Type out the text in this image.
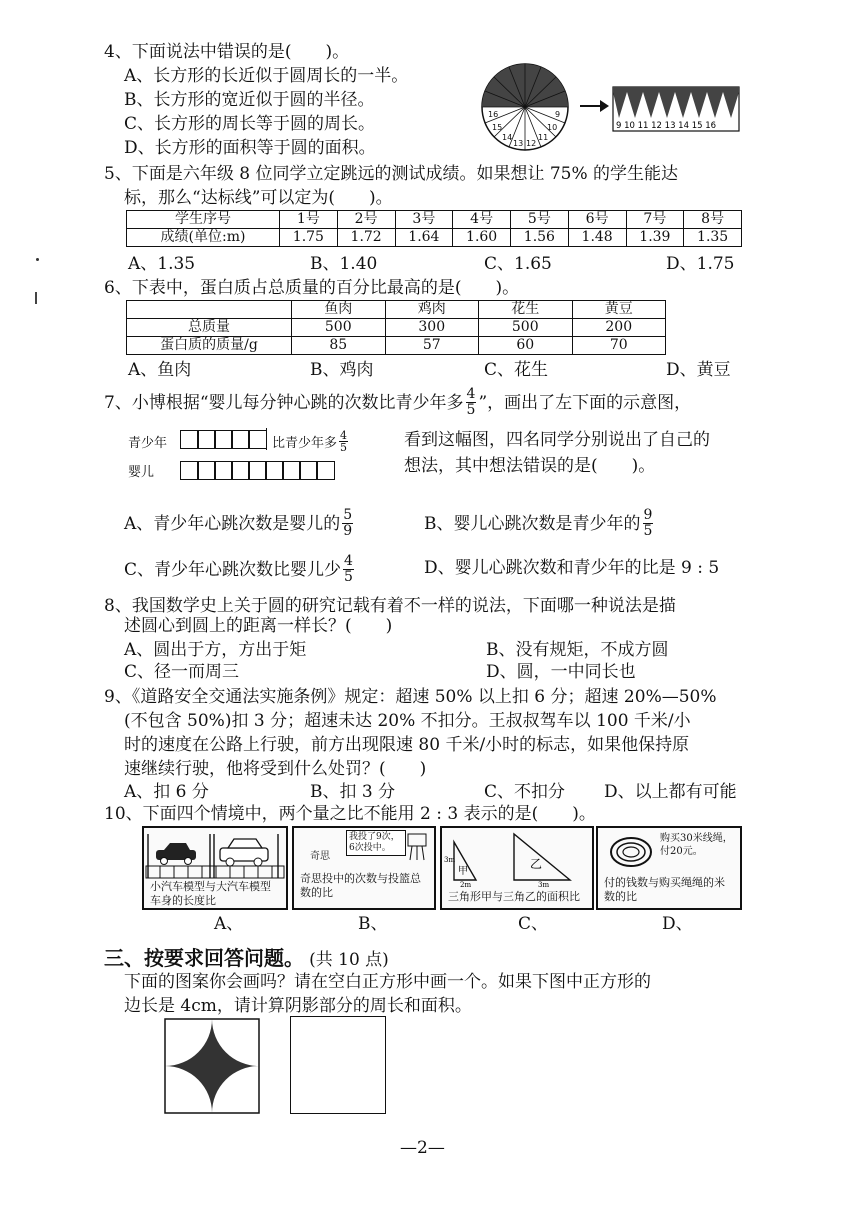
4、下面说法中错误的是(　　)。
A、长方形的长近似于圆周长的一半。
B、长方形的宽近似于圆的半径。
C、长方形的周长等于圆的周长。
D、长方形的面积等于圆的面积。
16
15
14
13 12
11
10
9
9 10 11 12 13 14 15 16
5、下面是六年级 8 位同学立定跳远的测试成绩。如果想让 75% 的学生能达
标，那么“达标线”可以定为(　　)。
学生序号	1号	2号	3号	4号	5号	6号	7号	8号
成绩(单位:m)	1.75	1.72	1.64	1.60	1.56	1.48	1.39	1.35
A、1.35	B、1.40	C、1.65	D、1.75
6、下表中，蛋白质占总质量的百分比最高的是(　　)。
	鱼肉	鸡肉	花生	黄豆
总质量	500	300	500	200
蛋白质的质量/g	85	57	60	70
A、鱼肉	B、鸡肉	C、花生	D、黄豆
7、小博根据“婴儿每分钟心跳的次数比青少年多 $\frac{4}{5}$ ”，画出了左下面的示意图，
青少年
婴儿
比青少年多 $\frac{4}{5}$	看到这幅图，四名同学分别说出了自己的
想法，其中想法错误的是(　　)。
A、青少年心跳次数是婴儿的 $\frac{5}{9}$	B、婴儿心跳次数是青少年的 $\frac{9}{5}$
C、青少年心跳次数比婴儿少 $\frac{4}{5}$	D、婴儿心跳次数和青少年的比是 9 : 5
8、我国数学史上关于圆的研究记载有着不一样的说法，下面哪一种说法是描
述圆心到圆上的距离一样长？(　　)
A、圆出于方，方出于矩	B、没有规矩，不成方圆
C、径一而周三	D、圆，一中同长也
9、《道路安全交通法实施条例》规定：超速 50% 以上扣 6 分；超速 20%—50%
(不包含 50%)扣 3 分；超速未达 20% 不扣分。王叔叔驾车以 100 千米/小
时的速度在公路上行驶，前方出现限速 80 千米/小时的标志，如果他保持原
速继续行驶，他将受到什么处罚？(　　)
A、扣 6 分	B、扣 3 分	C、不扣分 D、以上都有可能
10、下面四个情境中，两个量之比不能用 2 : 3 表示的是(　　)。
小汽车模型与大汽车模型车身的长度比
A、
奇思
我投了9次，6次投中。
奇思投中的次数与投篮总数的比
B、
甲
乙
3m
2m	3m
三角形甲与三角乙的面积比
C、
购买30米线绳，付20元。
付的钱数与购买绳绳的米数的比
D、
三、按要求回答问题。 (共 10 点)
下面的图案你会画吗？请在空白正方形中画一个。如果下图中正方形的
边长是 4cm，请计算阴影部分的周长和面积。
—2—
